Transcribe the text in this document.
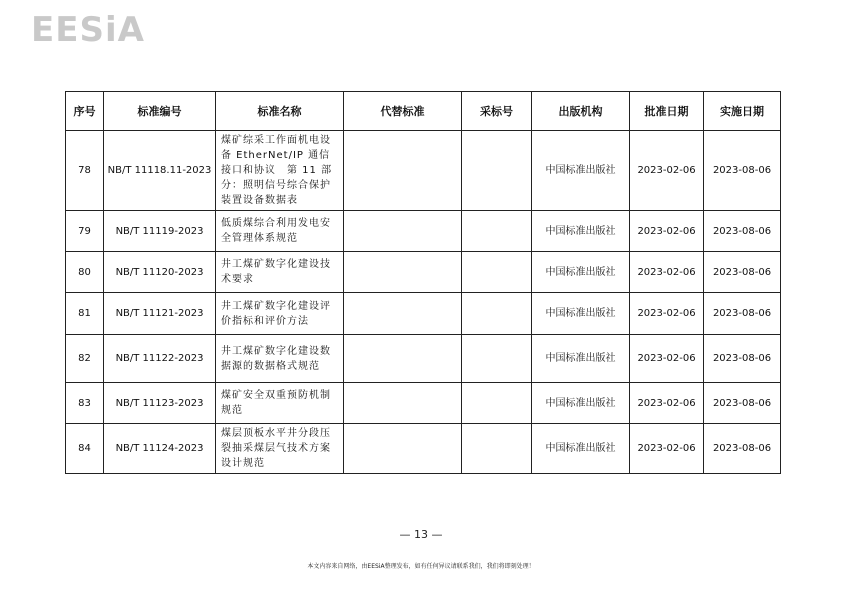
EESiA
序号	标准编号	标准名称	代替标准	采标号	出版机构	批准日期	实施日期
78	NB/T 11118.11-2023	煤矿综采工作面机电设备 EtherNet/IP 通信接口和协议　第 11 部分：照明信号综合保护装置设备数据表			中国标准出版社	2023-02-06	2023-08-06
79	NB/T 11119-2023	低质煤综合利用发电安全管理体系规范			中国标准出版社	2023-02-06	2023-08-06
80	NB/T 11120-2023	井工煤矿数字化建设技术要求			中国标准出版社	2023-02-06	2023-08-06
81	NB/T 11121-2023	井工煤矿数字化建设评价指标和评价方法			中国标准出版社	2023-02-06	2023-08-06
82	NB/T 11122-2023	井工煤矿数字化建设数据源的数据格式规范			中国标准出版社	2023-02-06	2023-08-06
83	NB/T 11123-2023	煤矿安全双重预防机制 规范			中国标准出版社	2023-02-06	2023-08-06
84	NB/T 11124-2023	煤层顶板水平井分段压裂抽采煤层气技术方案设计规范			中国标准出版社	2023-02-06	2023-08-06
— 13 —
本文内容来自网络，由EESiA整理发布，如有任何异议请联系我们，我们将即刻处理！
